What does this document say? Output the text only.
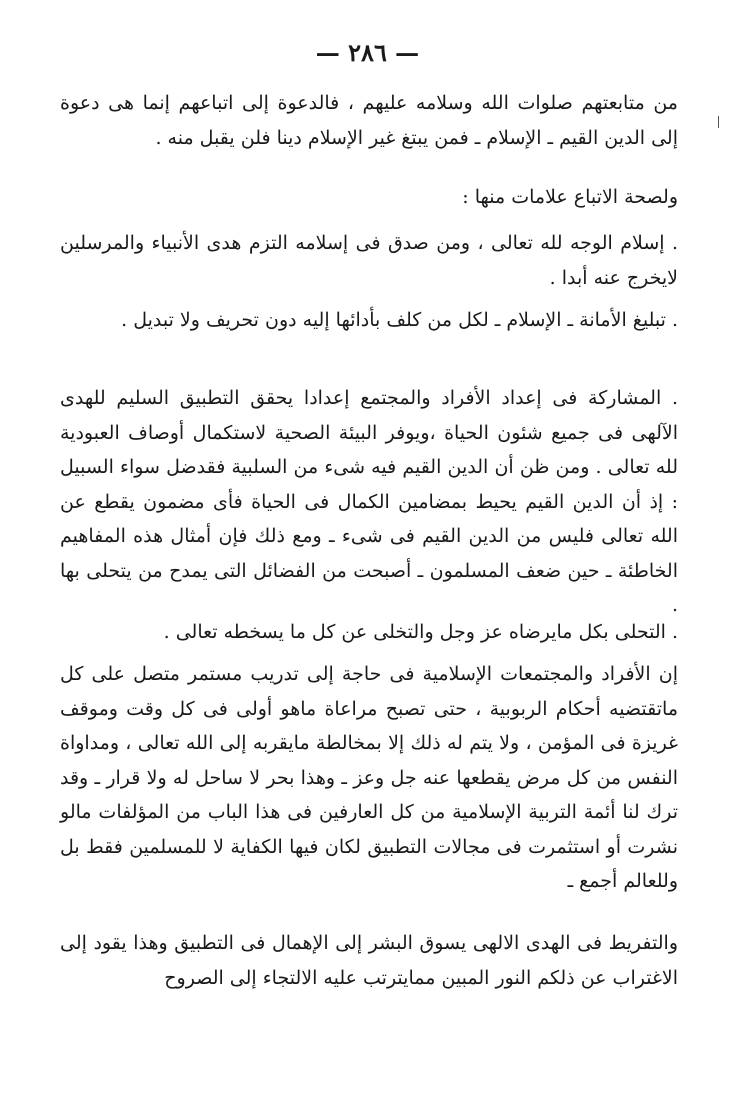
— ٢٨٦ —
من متابعتهم صلوات الله وسلامه عليهم ، فالدعوة إلى اتباعهم إنما هى دعوة إلى الدين القيم ـ الإسلام ـ فمن يبتغ غير الإسلام دينا فلن يقبل منه .
ولصحة الاتباع علامات منها :
. إسلام الوجه لله تعالى ، ومن صدق فى إسلامه التزم هدى الأنبياء والمرسلين لايخرج عنه أبدا .
. تبليغ الأمانة ـ الإسلام ـ لكل من كلف بأدائها إليه دون تحريف ولا تبديل .
. المشاركة فى إعداد الأفراد والمجتمع إعدادا يحقق التطبيق السليم للهدى الآلهى فى جميع شئون الحياة ،ويوفر البيئة الصحية لاستكمال أوصاف العبودية لله تعالى . ومن ظن أن الدين القيم فيه شىء من السلبية فقدضل سواء السبيل : إذ أن الدين القيم يحيط بمضامين الكمال فى الحياة فأى مضمون يقطع عن الله تعالى فليس من الدين القيم فى شىء ـ ومع ذلك فإن أمثال هذه المفاهيم الخاطئة ـ حين ضعف المسلمون ـ أصبحت من الفضائل التى يمدح من يتحلى بها .
. التحلى بكل مايرضاه عز وجل والتخلى عن كل ما يسخطه تعالى .
إن الأفراد والمجتمعات الإسلامية فى حاجة إلى تدريب مستمر متصل على كل ماتقتضيه أحكام الربوبية ، حتى تصبح مراعاة ماهو أولى فى كل وقت وموقف غريزة فى المؤمن ، ولا يتم له ذلك إلا بمخالطة مايقربه إلى الله تعالى ، ومداواة النفس من كل مرض يقطعها عنه جل وعز ـ وهذا بحر لا ساحل له ولا قرار ـ وقد ترك لنا أئمة التربية الإسلامية من كل العارفين فى هذا الباب من المؤلفات مالو نشرت أو استثمرت فى مجالات التطبيق لكان فيها الكفاية لا للمسلمين فقط بل وللعالم أجمع ـ
والتفريط فى الهدى الالهى يسوق البشر إلى الإهمال فى التطبيق وهذا يقود إلى الاغتراب عن ذلكم النور المبين ممايترتب عليه الالتجاء إلى الصروح
